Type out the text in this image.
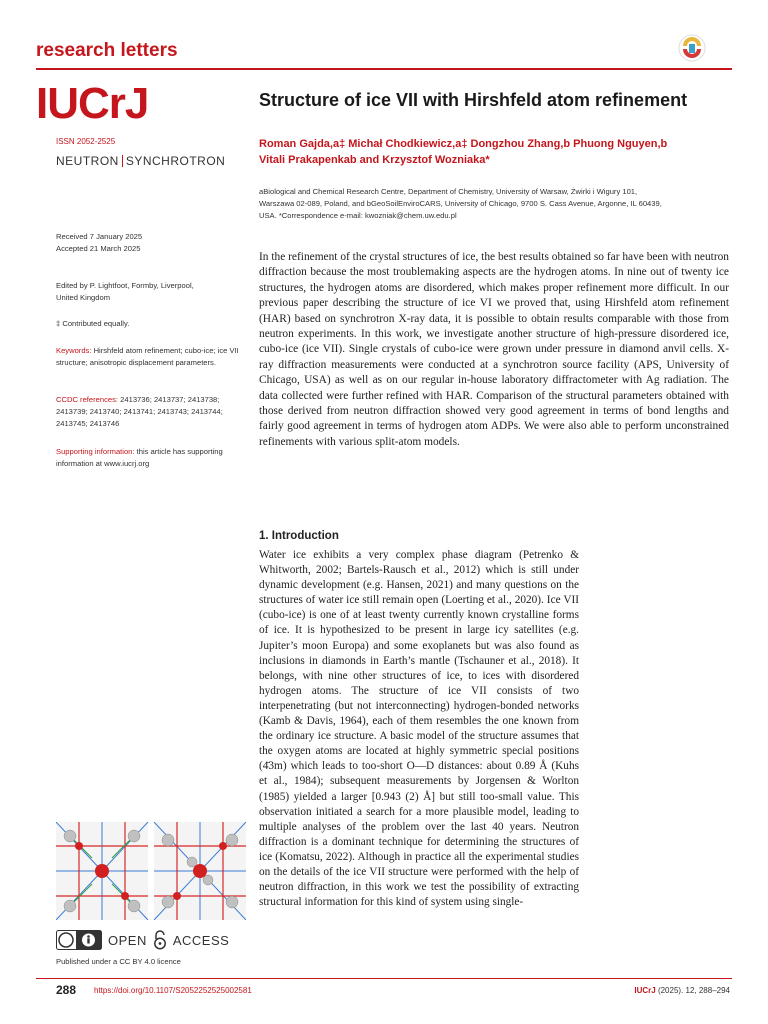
research letters
IUCrJ
ISSN 2052-2525
NEUTRON SYNCHROTRON
Structure of ice VII with Hirshfeld atom refinement
Roman Gajda,a‡ Michał Chodkiewicz,a‡ Dongzhou Zhang,b Phuong Nguyen,b
Vitali Prakapenkab and Krzysztof Wozniaka*
aBiological and Chemical Research Centre, Department of Chemistry, University of Warsaw, Żwirki i Wigury 101,
Warszawa 02-089, Poland, and bGeoSoilEnviroCARS, University of Chicago, 9700 S. Cass Avenue, Argonne, IL 60439,
USA. *Correspondence e-mail: kwozniak@chem.uw.edu.pl
Received 7 January 2025
Accepted 21 March 2025
Edited by P. Lightfoot, Formby, Liverpool,
United Kingdom
‡ Contributed equally.
Keywords: Hirshfeld atom refinement; cubo-ice; ice VII structure; anisotropic displacement parameters.
CCDC references: 2413736; 2413737; 2413738; 2413739; 2413740; 2413741; 2413743; 2413744; 2413745; 2413746
Supporting information: this article has supporting information at www.iucrj.org
In the refinement of the crystal structures of ice, the best results obtained so far have been with neutron diffraction because the most troublemaking aspects are the hydrogen atoms. In nine out of twenty ice structures, the hydrogen atoms are disordered, which makes proper refinement more difficult. In our previous paper describing the structure of ice VI we proved that, using Hirshfeld atom refinement (HAR) based on synchrotron X-ray data, it is possible to obtain results comparable with those from neutron experiments. In this work, we investigate another structure of high-pressure disordered ice, cubo-ice (ice VII). Single crystals of cubo-ice were grown under pressure in diamond anvil cells. X-ray diffraction measurements were conducted at a synchrotron source facility (APS, University of Chicago, USA) as well as on our regular in-house laboratory diffractometer with Ag radiation. The data collected were further refined with HAR. Comparison of the structural parameters obtained with those derived from neutron diffraction showed very good agreement in terms of bond lengths and fairly good agreement in terms of hydrogen atom ADPs. We were also able to perform unconstrained refinements with various split-atom models.
1. Introduction
Water ice exhibits a very complex phase diagram (Petrenko & Whitworth, 2002; Bartels-Rausch et al., 2012) which is still under dynamic development (e.g. Hansen, 2021) and many questions on the structures of water ice still remain open (Loerting et al., 2020). Ice VII (cubo-ice) is one of at least twenty currently known crystalline forms of ice. It is hypothesized to be present in large icy satellites (e.g. Jupiter’s moon Europa) and some exoplanets but was also found as inclusions in diamonds in Earth’s mantle (Tschauner et al., 2018). It belongs, with nine other structures of ice, to ices with disordered hydrogen atoms. The structure of ice VII consists of two interpenetrating (but not interconnecting) hydrogen-bonded networks (Kamb & Davis, 1964), each of them resembles the one known from the ordinary ice structure. A basic model of the structure assumes that the oxygen atoms are located at highly symmetric special positions (4̄3m) which leads to too-short O—D distances: about 0.89 Å (Kuhs et al., 1984); subsequent measurements by Jorgensen & Worlton (1985) yielded a larger [0.943 (2) Å] but still too-small value. This observation initiated a search for a more plausible model, leading to multiple analyses of the problem over the last 40 years. Neutron diffraction is a dominant technique for determining the structures of ice (Komatsu, 2022). Although in practice all the experimental studies on the details of the ice VII structure were performed with the help of neutron diffraction, in this work we test the possibility of extracting structural information for this kind of system using single-
OPEN ACCESS
Published under a CC BY 4.0 licence
288 https://doi.org/10.1107/S2052252525002581	IUCrJ (2025). 12, 288–294
